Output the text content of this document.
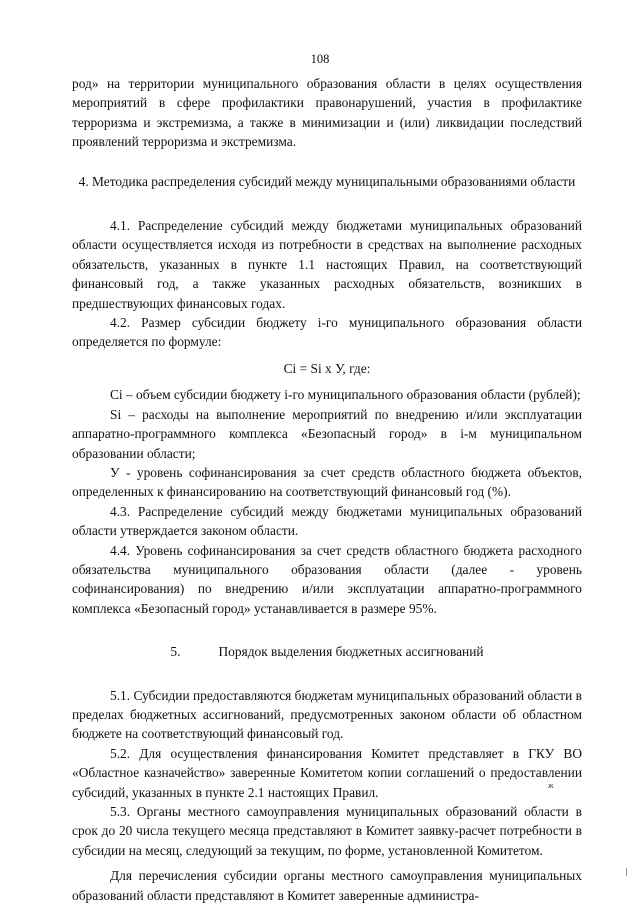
108

род» на территории муниципального образования области в целях осуществления мероприятий в сфере профилактики правонарушений, участия в профилактике терроризма и экстремизма, а также в минимизации и (или) ликвидации последствий проявлений терроризма и экстремизма.

4. Методика распределения субсидий между муниципальными образованиями области

4.1. Распределение субсидий между бюджетами муниципальных образований области осуществляется исходя из потребности в средствах на выполнение расходных обязательств, указанных в пункте 1.1 настоящих Правил, на соответствующий финансовый год, а также указанных расходных обязательств, возникших в предшествующих финансовых годах.

4.2. Размер субсидии бюджету i-го муниципального образования области определяется по формуле:

Ci = Si x У, где:

Ci – объем субсидии бюджету i-го муниципального образования области (рублей);

Si – расходы на выполнение мероприятий по внедрению и/или эксплуатации аппаратно-программного комплекса «Безопасный город» в i-м муниципальном образовании области;

У - уровень софинансирования за счет средств областного бюджета объектов, определенных к финансированию на соответствующий финансовый год (%).

4.3. Распределение субсидий между бюджетами муниципальных образований области утверждается законом области.

4.4. Уровень софинансирования за счет средств областного бюджета расходного обязательства муниципального образования области (далее - уровень софинансирования) по внедрению и/или эксплуатации аппаратно-программного комплекса «Безопасный город» устанавливается в размере 95%.

5.	Порядок выделения бюджетных ассигнований

5.1. Субсидии предоставляются бюджетам муниципальных образований области в пределах бюджетных ассигнований, предусмотренных законом области об областном бюджете на соответствующий финансовый год.

5.2. Для осуществления финансирования Комитет представляет в ГКУ ВО «Областное казначейство» заверенные Комитетом копии соглашений о предоставлении субсидий, указанных в пункте 2.1 настоящих Правил.

5.3. Органы местного самоуправления муниципальных образований области в срок до 20 числа текущего месяца представляют в Комитет заявку-расчет потребности в субсидии на месяц, следующий за текущим, по форме, установленной Комитетом.

Для перечисления субсидии органы местного самоуправления муниципальных образований области представляют в Комитет заверенные администра-

ж
